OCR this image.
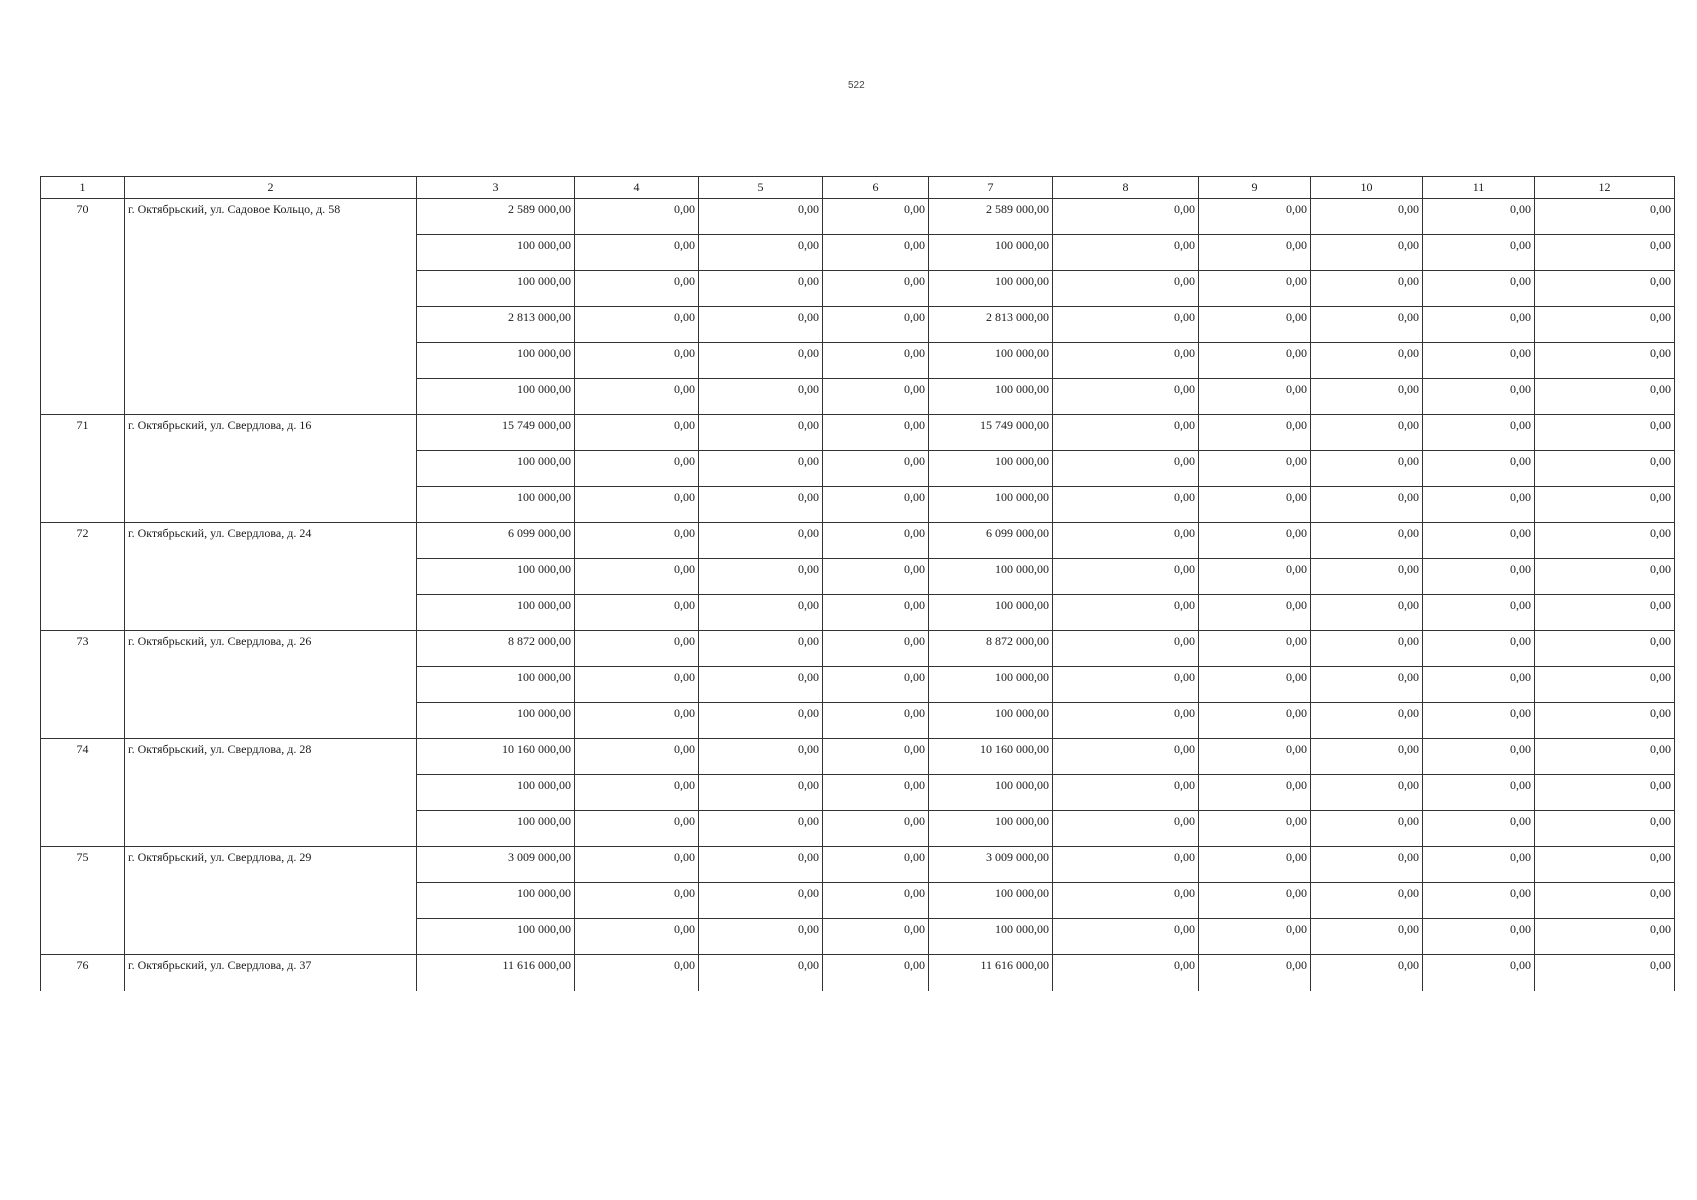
522
1	2	3	4	5	6	7	8	9	10	11	12
70	г. Октябрьский, ул. Садовое Кольцо, д. 58	2 589 000,00	0,00	0,00	0,00	2 589 000,00	0,00	0,00	0,00	0,00	0,00
		100 000,00	0,00	0,00	0,00	100 000,00	0,00	0,00	0,00	0,00	0,00
		100 000,00	0,00	0,00	0,00	100 000,00	0,00	0,00	0,00	0,00	0,00
		2 813 000,00	0,00	0,00	0,00	2 813 000,00	0,00	0,00	0,00	0,00	0,00
		100 000,00	0,00	0,00	0,00	100 000,00	0,00	0,00	0,00	0,00	0,00
		100 000,00	0,00	0,00	0,00	100 000,00	0,00	0,00	0,00	0,00	0,00
71	г. Октябрьский, ул. Свердлова, д. 16	15 749 000,00	0,00	0,00	0,00	15 749 000,00	0,00	0,00	0,00	0,00	0,00
		100 000,00	0,00	0,00	0,00	100 000,00	0,00	0,00	0,00	0,00	0,00
		100 000,00	0,00	0,00	0,00	100 000,00	0,00	0,00	0,00	0,00	0,00
72	г. Октябрьский, ул. Свердлова, д. 24	6 099 000,00	0,00	0,00	0,00	6 099 000,00	0,00	0,00	0,00	0,00	0,00
		100 000,00	0,00	0,00	0,00	100 000,00	0,00	0,00	0,00	0,00	0,00
		100 000,00	0,00	0,00	0,00	100 000,00	0,00	0,00	0,00	0,00	0,00
73	г. Октябрьский, ул. Свердлова, д. 26	8 872 000,00	0,00	0,00	0,00	8 872 000,00	0,00	0,00	0,00	0,00	0,00
		100 000,00	0,00	0,00	0,00	100 000,00	0,00	0,00	0,00	0,00	0,00
		100 000,00	0,00	0,00	0,00	100 000,00	0,00	0,00	0,00	0,00	0,00
74	г. Октябрьский, ул. Свердлова, д. 28	10 160 000,00	0,00	0,00	0,00	10 160 000,00	0,00	0,00	0,00	0,00	0,00
		100 000,00	0,00	0,00	0,00	100 000,00	0,00	0,00	0,00	0,00	0,00
		100 000,00	0,00	0,00	0,00	100 000,00	0,00	0,00	0,00	0,00	0,00
75	г. Октябрьский, ул. Свердлова, д. 29	3 009 000,00	0,00	0,00	0,00	3 009 000,00	0,00	0,00	0,00	0,00	0,00
		100 000,00	0,00	0,00	0,00	100 000,00	0,00	0,00	0,00	0,00	0,00
		100 000,00	0,00	0,00	0,00	100 000,00	0,00	0,00	0,00	0,00	0,00
76	г. Октябрьский, ул. Свердлова, д. 37	11 616 000,00	0,00	0,00	0,00	11 616 000,00	0,00	0,00	0,00	0,00	0,00
